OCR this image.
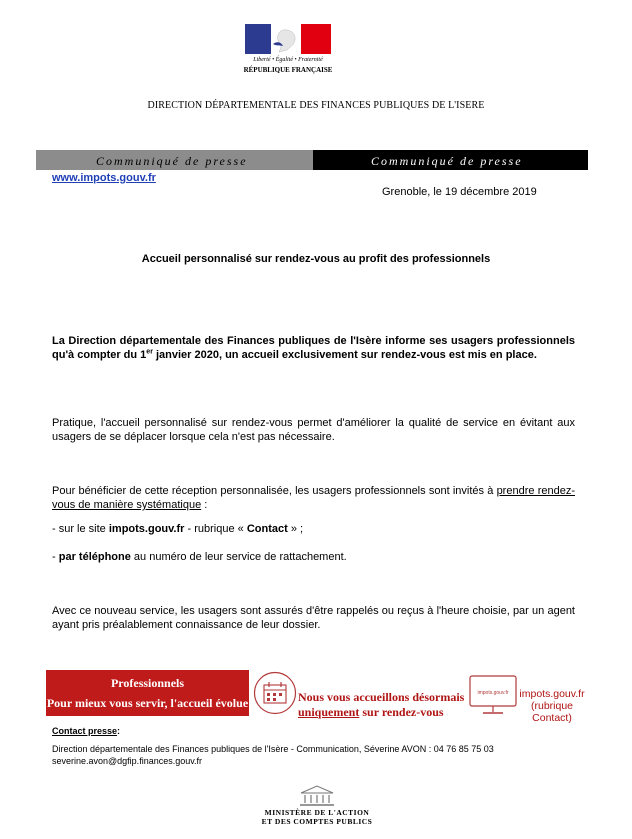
Liberté • Égalité • Fraternité
RÉPUBLIQUE FRANÇAISE
DIRECTION DÉPARTEMENTALE DES FINANCES PUBLIQUES DE L'ISERE
Communiqué de presse	Communiqué de presse
www.impots.gouv.fr
Grenoble, le 19 décembre 2019
Accueil personnalisé sur rendez-vous au profit des professionnels
La Direction départementale des Finances publiques de l'Isère informe ses usagers professionnels qu'à compter du 1er janvier 2020, un accueil exclusivement sur rendez-vous est mis en place.
Pratique, l'accueil personnalisé sur rendez-vous permet d'améliorer la qualité de service en évitant aux usagers de se déplacer lorsque cela n'est pas nécessaire.
Pour bénéficier de cette réception personnalisée, les usagers professionnels sont invités à prendre rendez-vous de manière systématique :
- sur le site impots.gouv.fr - rubrique « Contact » ;
- par téléphone au numéro de leur service de rattachement.
Avec ce nouveau service, les usagers sont assurés d'être rappelés ou reçus à l'heure choisie, par un agent ayant pris préalablement connaissance de leur dossier.
Professionnels
Pour mieux vous servir, l'accueil évolue	Nous vous accueillons désormais
uniquement sur rendez-vous
impots.gouv.fr	impots.gouv.fr
(rubrique
Contact)
Contact presse:
Direction départementale des Finances publiques de l'Isère - Communication, Séverine AVON : 04 76 85 75 03
severine.avon@dgfip.finances.gouv.fr
MINISTÈRE DE L'ACTION
ET DES COMPTES PUBLICS
